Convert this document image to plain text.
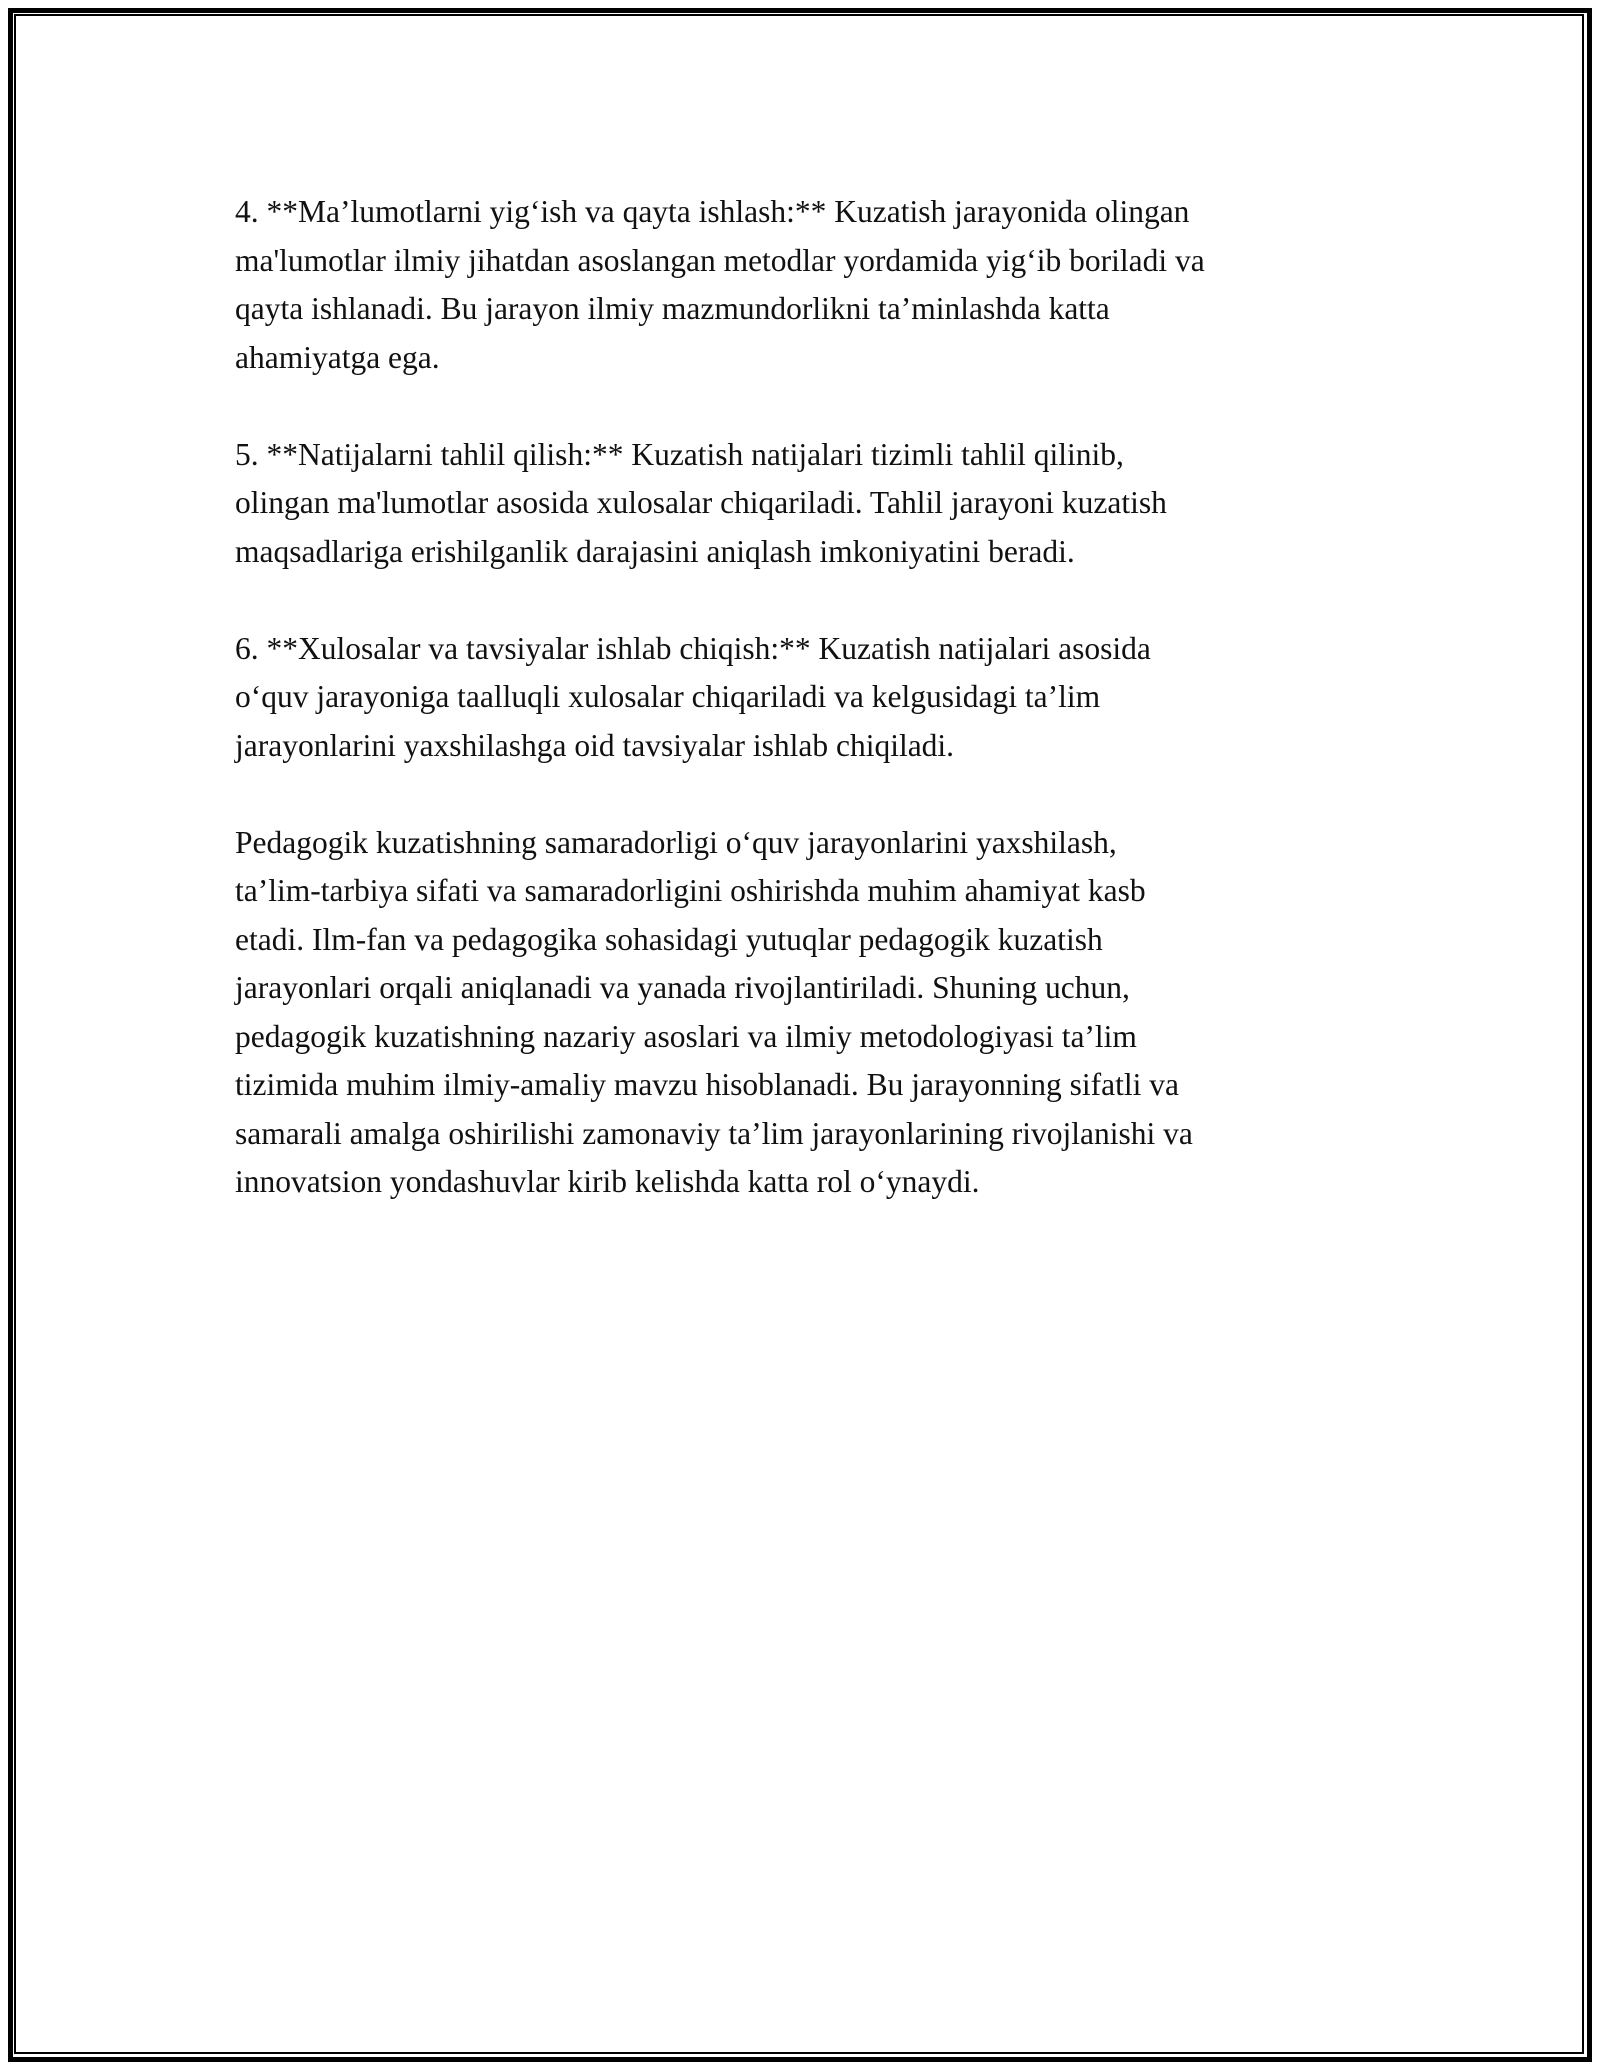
4. **Ma’lumotlarni yig‘ish va qayta ishlash:** Kuzatish jarayonida olingan
ma'lumotlar ilmiy jihatdan asoslangan metodlar yordamida yig‘ib boriladi va
qayta ishlanadi. Bu jarayon ilmiy mazmundorlikni ta’minlashda katta
ahamiyatga ega.

5. **Natijalarni tahlil qilish:** Kuzatish natijalari tizimli tahlil qilinib,
olingan ma'lumotlar asosida xulosalar chiqariladi. Tahlil jarayoni kuzatish
maqsadlariga erishilganlik darajasini aniqlash imkoniyatini beradi.

6. **Xulosalar va tavsiyalar ishlab chiqish:** Kuzatish natijalari asosida
o‘quv jarayoniga taalluqli xulosalar chiqariladi va kelgusidagi ta’lim
jarayonlarini yaxshilashga oid tavsiyalar ishlab chiqiladi.

Pedagogik kuzatishning samaradorligi o‘quv jarayonlarini yaxshilash,
ta’lim-tarbiya sifati va samaradorligini oshirishda muhim ahamiyat kasb
etadi. Ilm-fan va pedagogika sohasidagi yutuqlar pedagogik kuzatish
jarayonlari orqali aniqlanadi va yanada rivojlantiriladi. Shuning uchun,
pedagogik kuzatishning nazariy asoslari va ilmiy metodologiyasi ta’lim
tizimida muhim ilmiy-amaliy mavzu hisoblanadi. Bu jarayonning sifatli va
samarali amalga oshirilishi zamonaviy ta’lim jarayonlarining rivojlanishi va
innovatsion yondashuvlar kirib kelishda katta rol o‘ynaydi.
